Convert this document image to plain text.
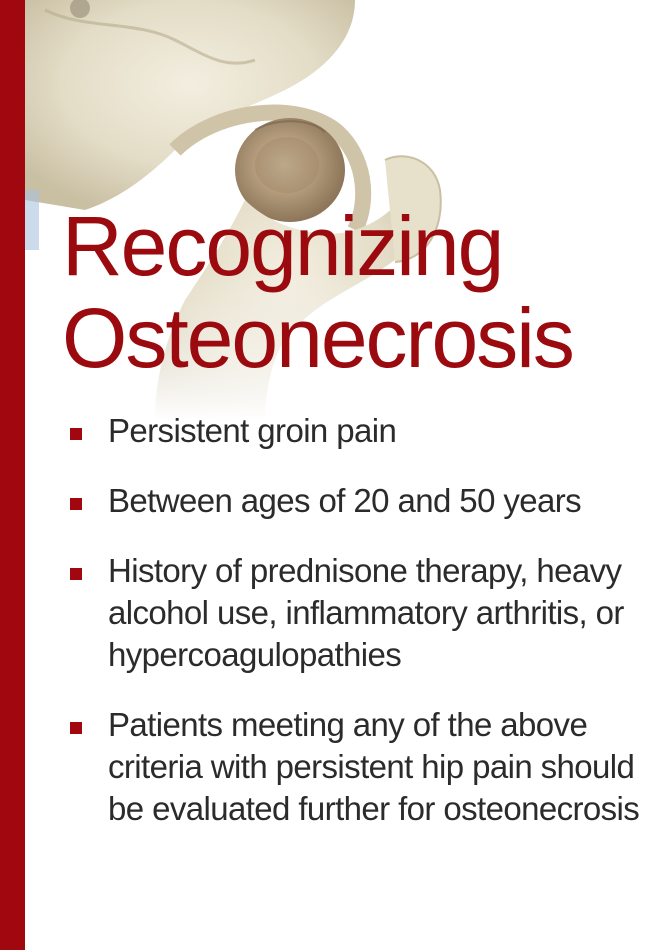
Recognizing
Osteonecrosis
Persistent groin pain
Between ages of 20 and 50 years
History of prednisone therapy, heavy alcohol use, inflammatory arthritis, or hypercoagulopathies
Patients meeting any of the above criteria with persistent hip pain should be evaluated further for osteonecrosis
